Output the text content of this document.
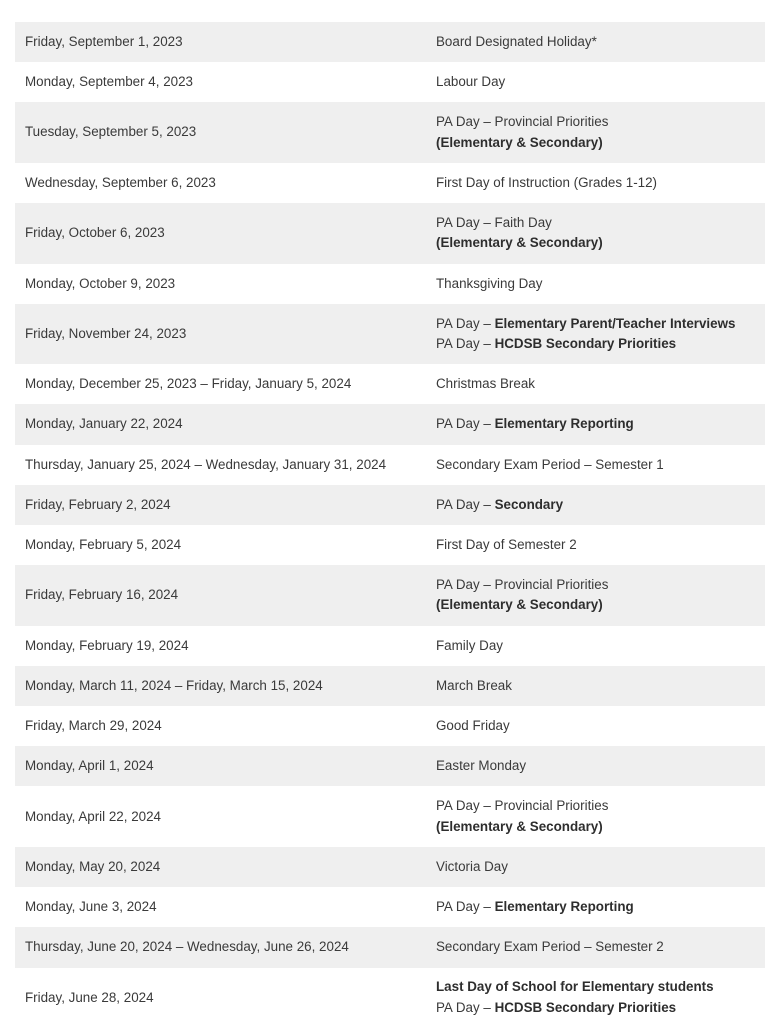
Friday, September 1, 2023	Board Designated Holiday*

Monday, September 4, 2023	Labour Day

Tuesday, September 5, 2023	PA Day – Provincial Priorities
(Elementary & Secondary)

Wednesday, September 6, 2023	First Day of Instruction (Grades 1-12)

Friday, October 6, 2023	PA Day – Faith Day
(Elementary & Secondary)

Monday, October 9, 2023	Thanksgiving Day

Friday, November 24, 2023	PA Day – Elementary Parent/Teacher Interviews
PA Day – HCDSB Secondary Priorities

Monday, December 25, 2023 – Friday, January 5, 2024	Christmas Break

Monday, January 22, 2024	PA Day – Elementary Reporting

Thursday, January 25, 2024 – Wednesday, January 31, 2024	Secondary Exam Period – Semester 1

Friday, February 2, 2024	PA Day – Secondary

Monday, February 5, 2024	First Day of Semester 2

Friday, February 16, 2024	PA Day – Provincial Priorities
(Elementary & Secondary)

Monday, February 19, 2024	Family Day

Monday, March 11, 2024 – Friday, March 15, 2024	March Break

Friday, March 29, 2024	Good Friday

Monday, April 1, 2024	Easter Monday

Monday, April 22, 2024	PA Day – Provincial Priorities
(Elementary & Secondary)

Monday, May 20, 2024	Victoria Day

Monday, June 3, 2024	PA Day – Elementary Reporting

Thursday, June 20, 2024 – Wednesday, June 26, 2024	Secondary Exam Period – Semester 2

Friday, June 28, 2024	Last Day of School for Elementary students
PA Day – HCDSB Secondary Priorities
